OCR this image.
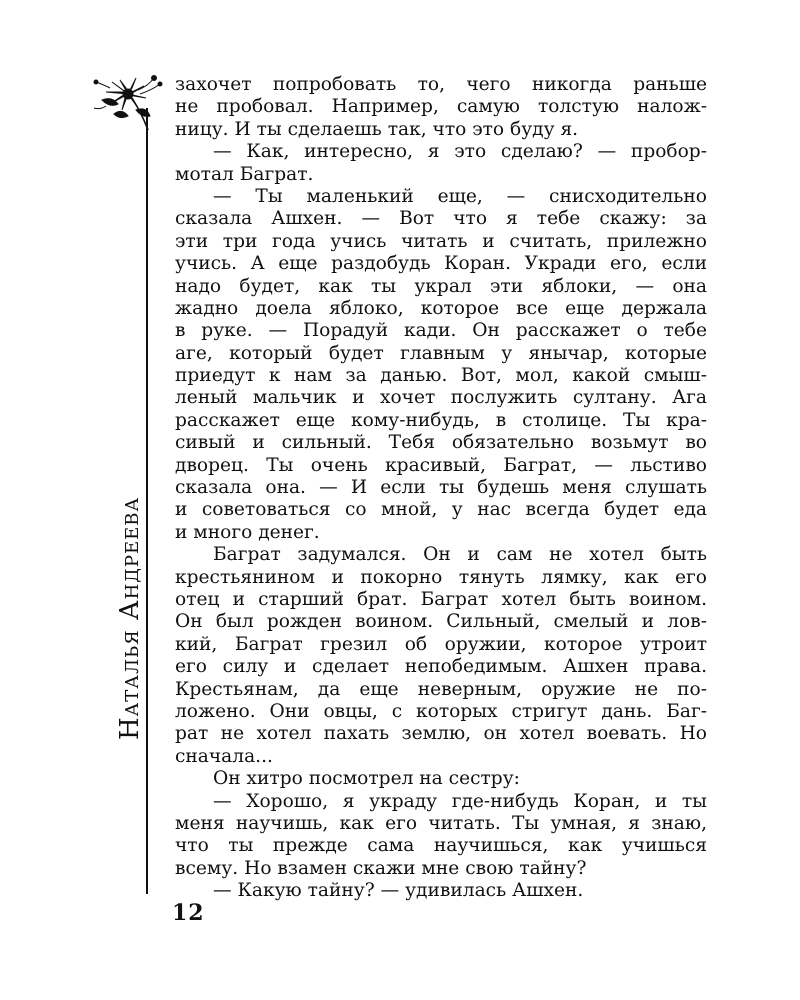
Наталья Андреева
захочет попробовать то, чего никогда раньше
не пробовал. Например, самую толстую налож-
ницу. И ты сделаешь так, что это буду я.
— Как, интересно, я это сделаю? — пробор-
мотал Баграт.
— Ты маленький еще, — снисходительно
сказала Ашхен. — Вот что я тебе скажу: за
эти три года учись читать и считать, прилежно
учись. А еще раздобудь Коран. Укради его, если
надо будет, как ты украл эти яблоки, — она
жадно доела яблоко, которое все еще держала
в руке. — Порадуй кади. Он расскажет о тебе
аге, который будет главным у янычар, которые
приедут к нам за данью. Вот, мол, какой смыш-
леный мальчик и хочет послужить султану. Ага
расскажет еще кому-нибудь, в столице. Ты кра-
сивый и сильный. Тебя обязательно возьмут во
дворец. Ты очень красивый, Баграт, — льстиво
сказала она. — И если ты будешь меня слушать
и советоваться со мной, у нас всегда будет еда
и много денег.
Баграт задумался. Он и сам не хотел быть
крестьянином и покорно тянуть лямку, как его
отец и старший брат. Баграт хотел быть воином.
Он был рожден воином. Сильный, смелый и лов-
кий, Баграт грезил об оружии, которое утроит
его силу и сделает непобедимым. Ашхен права.
Крестьянам, да еще неверным, оружие не по-
ложено. Они овцы, с которых стригут дань. Баг-
рат не хотел пахать землю, он хотел воевать. Но
сначала...
Он хитро посмотрел на сестру:
— Хорошо, я украду где-нибудь Коран, и ты
меня научишь, как его читать. Ты умная, я знаю,
что ты прежде сама научишься, как учишься
всему. Но взамен скажи мне свою тайну?
— Какую тайну? — удивилась Ашхен.
12
